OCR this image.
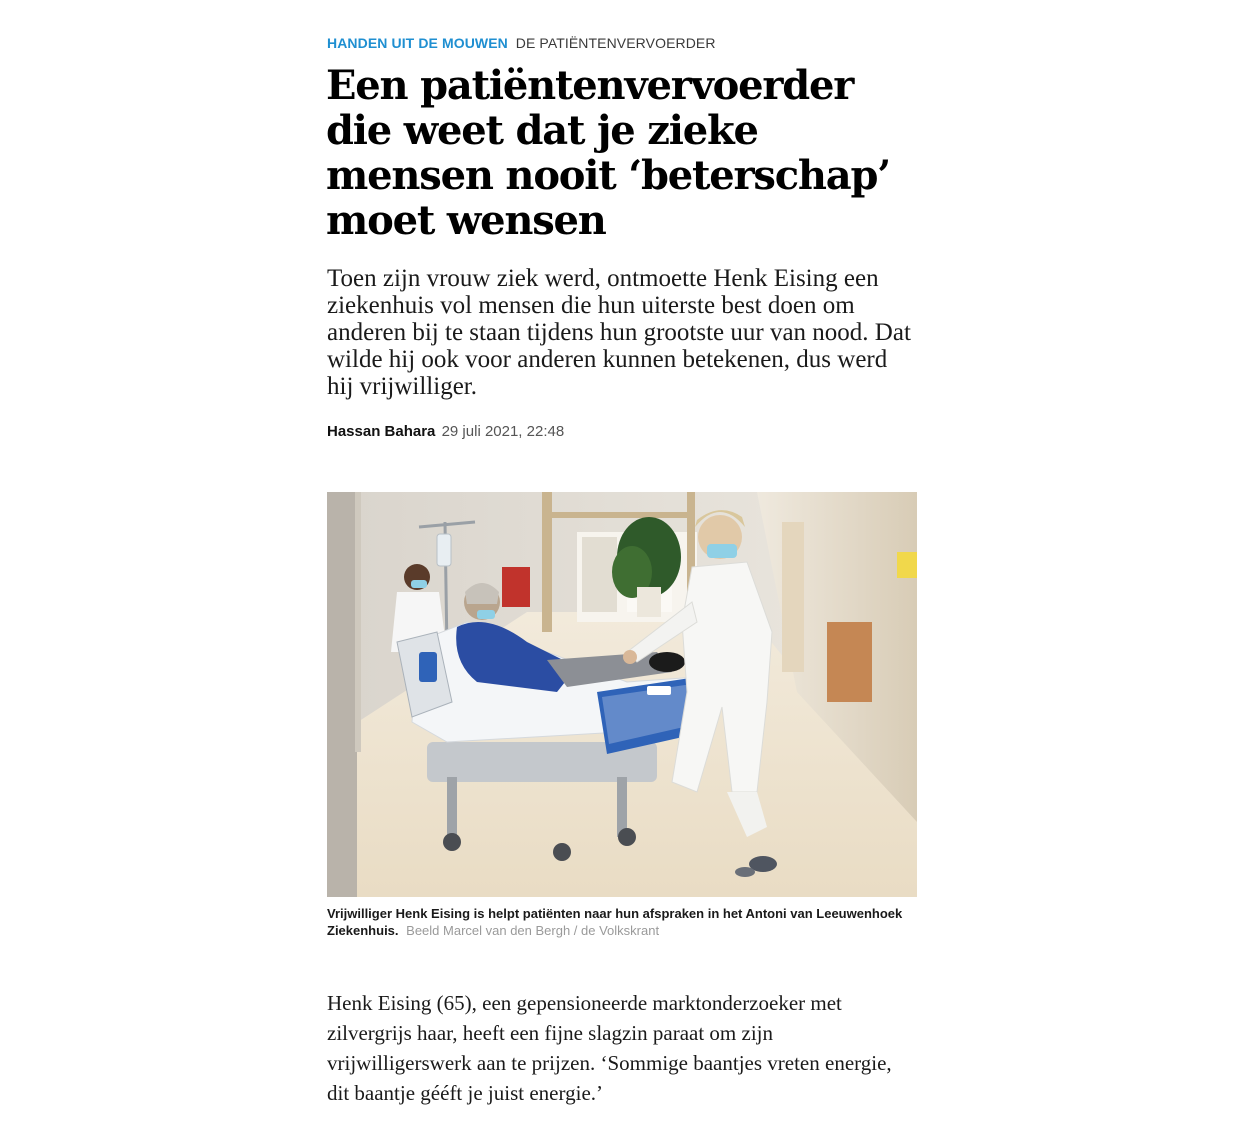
HANDEN UIT DE MOUWEN DE PATIËNTENVERVOERDER
Een patiëntenvervoerder die weet dat je zieke mensen nooit ‘beterschap’ moet wensen

Toen zijn vrouw ziek werd, ontmoette Henk Eising een ziekenhuis vol mensen die hun uiterste best doen om anderen bij te staan tijdens hun grootste uur van nood. Dat wilde hij ook voor anderen kunnen betekenen, dus werd hij vrijwilliger.

Hassan Bahara 29 juli 2021, 22:48

Vrijwilliger Henk Eising is helpt patiënten naar hun afspraken in het Antoni van Leeuwenhoek Ziekenhuis. Beeld Marcel van den Bergh / de Volkskrant

Henk Eising (65), een gepensioneerde marktonderzoeker met zilvergrijs haar, heeft een fijne slagzin paraat om zijn vrijwilligerswerk aan te prijzen. ‘Sommige baantjes vreten energie, dit baantje gééft je juist energie.’
